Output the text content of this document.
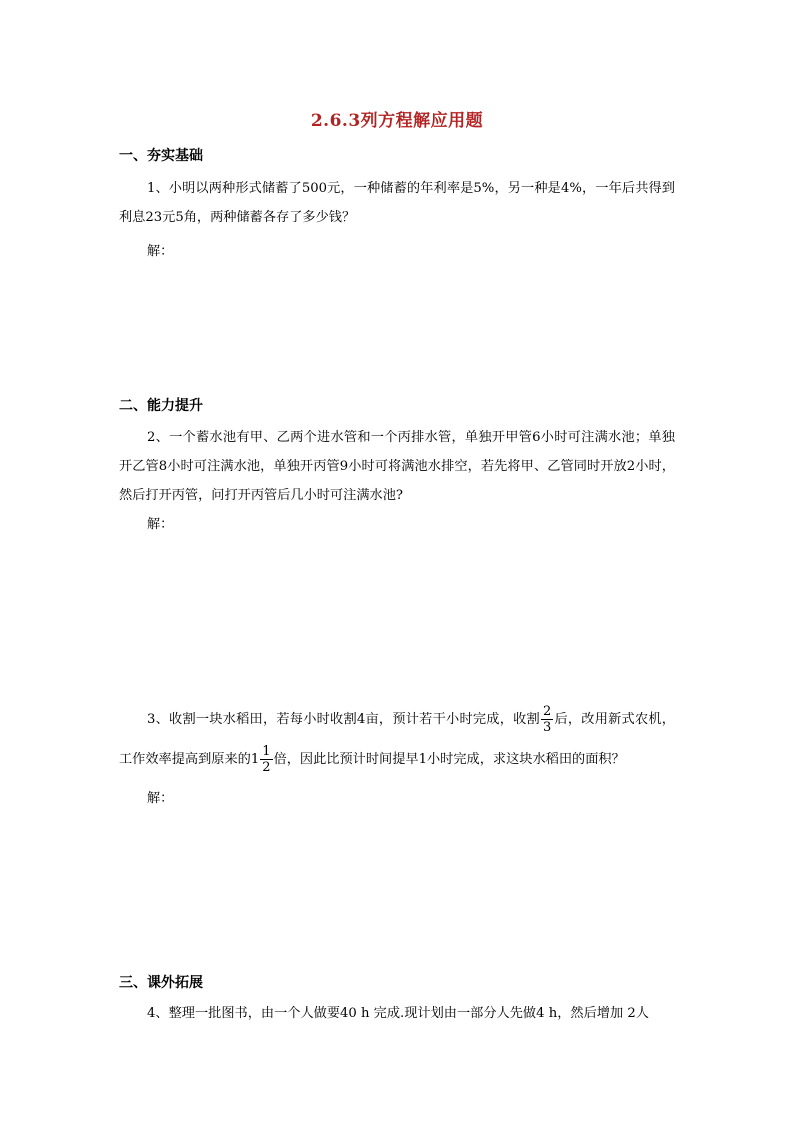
2.6.3列方程解应用题
一、夯实基础
1、小明以两种形式储蓄了500元，一种储蓄的年利率是5%，另一种是4%，一年后共得到利息23元5角，两种储蓄各存了多少钱？
解：
二、能力提升
2、一个蓄水池有甲、乙两个进水管和一个丙排水管，单独开甲管6小时可注满水池；单独开乙管8小时可注满水池，单独开丙管9小时可将满池水排空，若先将甲、乙管同时开放2小时，然后打开丙管，问打开丙管后几小时可注满水池?
解：
3、收割一块水稻田，若每小时收割4亩，预计若干小时完成，收割 $\frac{2}{3}$ 后，改用新式农机，工作效率提高到原来的$1 \frac{1}{2}$ 倍，因此比预计时间提早1小时完成，求这块水稻田的面积？
解：
三、课外拓展
4、整理一批图书，由一个人做要40 h 完成.现计划由一部分人先做4 h，然后增加 2人
